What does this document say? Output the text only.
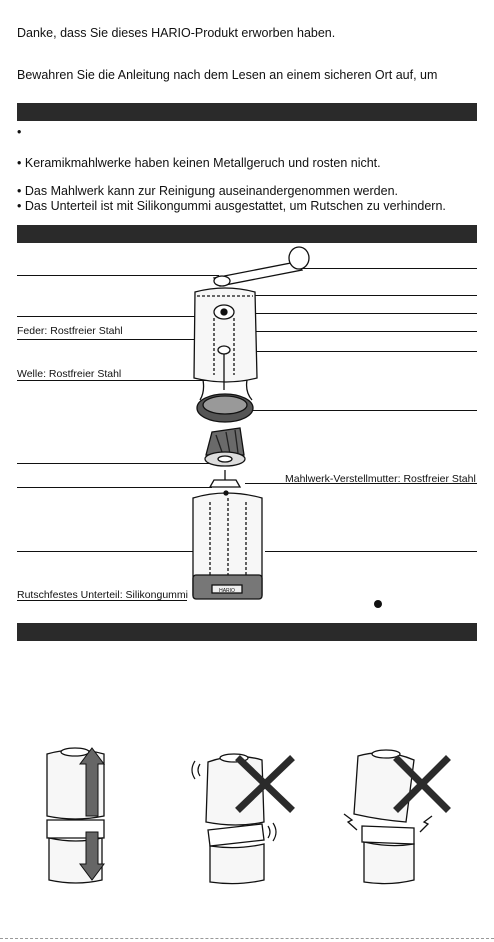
Danke, dass Sie dieses HARIO-Produkt erworben haben.
Bewahren Sie die Anleitung nach dem Lesen an einem sicheren Ort auf, um
•
• Keramikmahlwerke haben keinen Metallgeruch und rosten nicht.
• Das Mahlwerk kann zur Reinigung auseinandergenommen werden.
• Das Unterteil ist mit Silikongummi ausgestattet, um Rutschen zu verhindern.
Feder: Rostfreier Stahl
Welle: Rostfreier Stahl
Mahlwerk-Verstellmutter: Rostfreier Stahl
Rutschfestes Unterteil: Silikongummi	HARIO
